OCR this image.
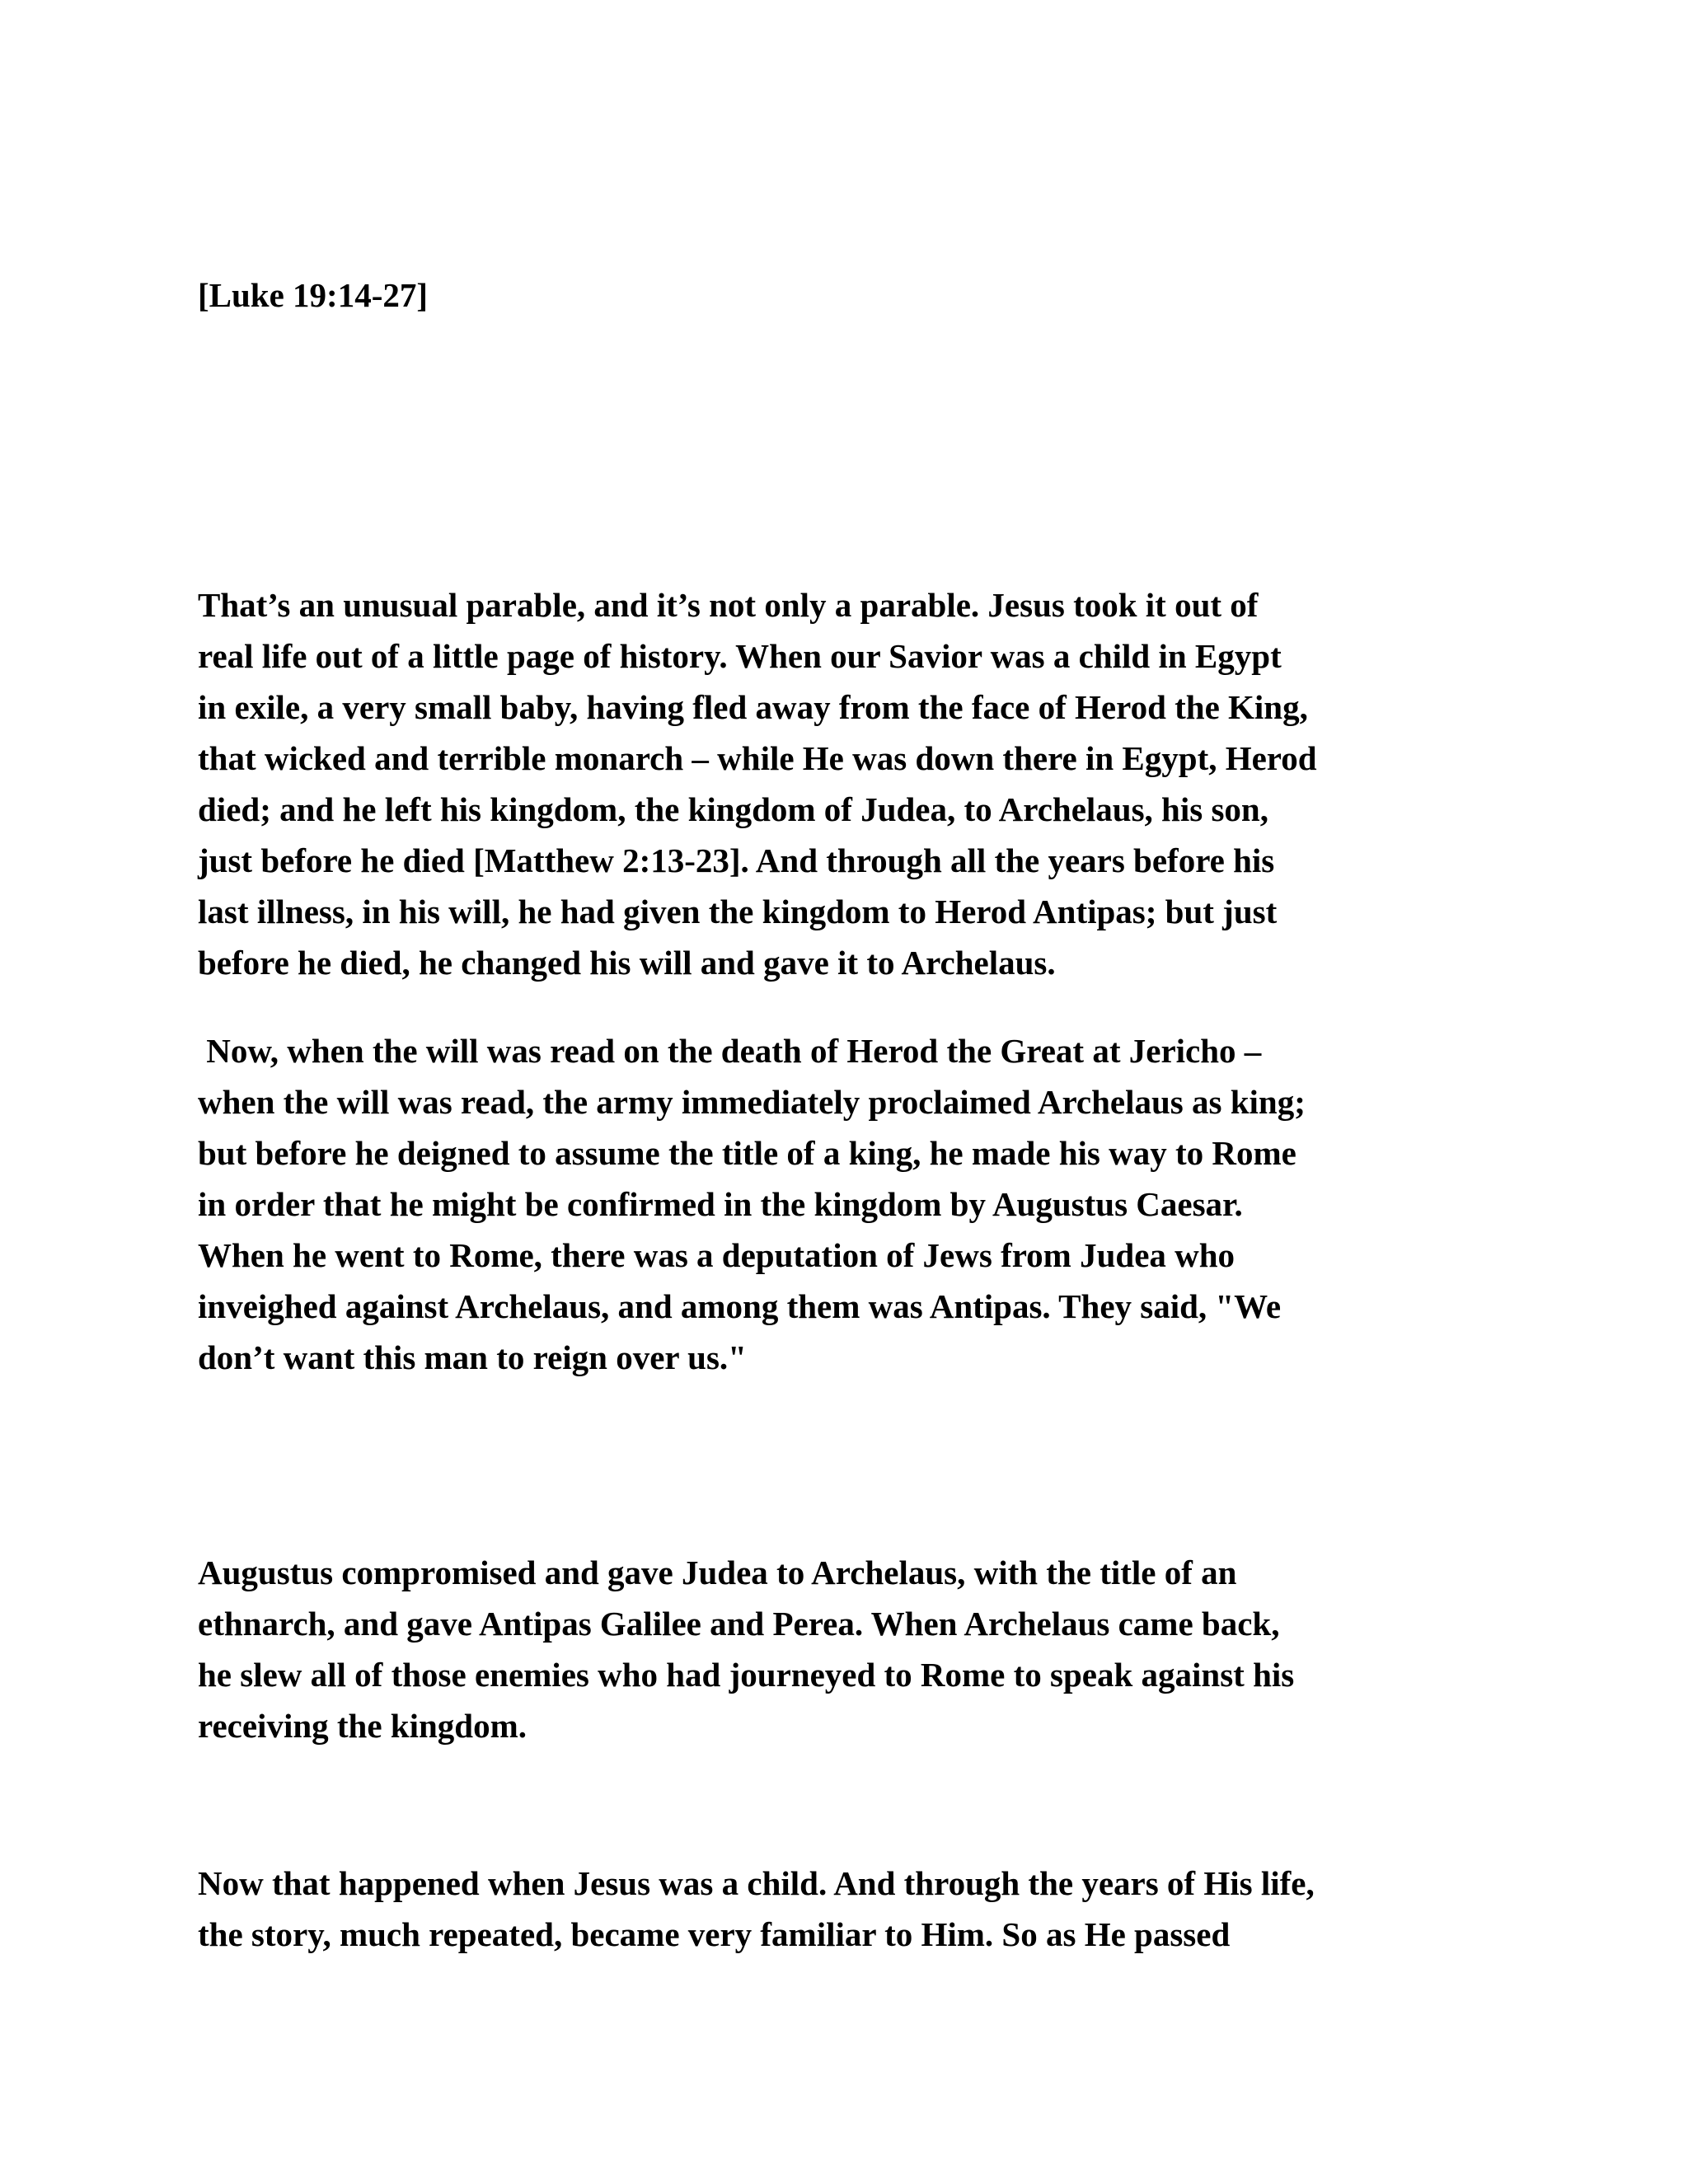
[Luke 19:14-27]
That’s an unusual parable, and it’s not only a parable. Jesus took it out of
real life out of a little page of history. When our Savior was a child in Egypt
in exile, a very small baby, having fled away from the face of Herod the King,
that wicked and terrible monarch – while He was down there in Egypt, Herod
died; and he left his kingdom, the kingdom of Judea, to Archelaus, his son,
just before he died [Matthew 2:13-23]. And through all the years before his
last illness, in his will, he had given the kingdom to Herod Antipas; but just
before he died, he changed his will and gave it to Archelaus.
Now, when the will was read on the death of Herod the Great at Jericho –
when the will was read, the army immediately proclaimed Archelaus as king;
but before he deigned to assume the title of a king, he made his way to Rome
in order that he might be confirmed in the kingdom by Augustus Caesar.
When he went to Rome, there was a deputation of Jews from Judea who
inveighed against Archelaus, and among them was Antipas. They said, "We
don’t want this man to reign over us."
Augustus compromised and gave Judea to Archelaus, with the title of an
ethnarch, and gave Antipas Galilee and Perea. When Archelaus came back,
he slew all of those enemies who had journeyed to Rome to speak against his
receiving the kingdom.
Now that happened when Jesus was a child. And through the years of His life,
the story, much repeated, became very familiar to Him. So as He passed
